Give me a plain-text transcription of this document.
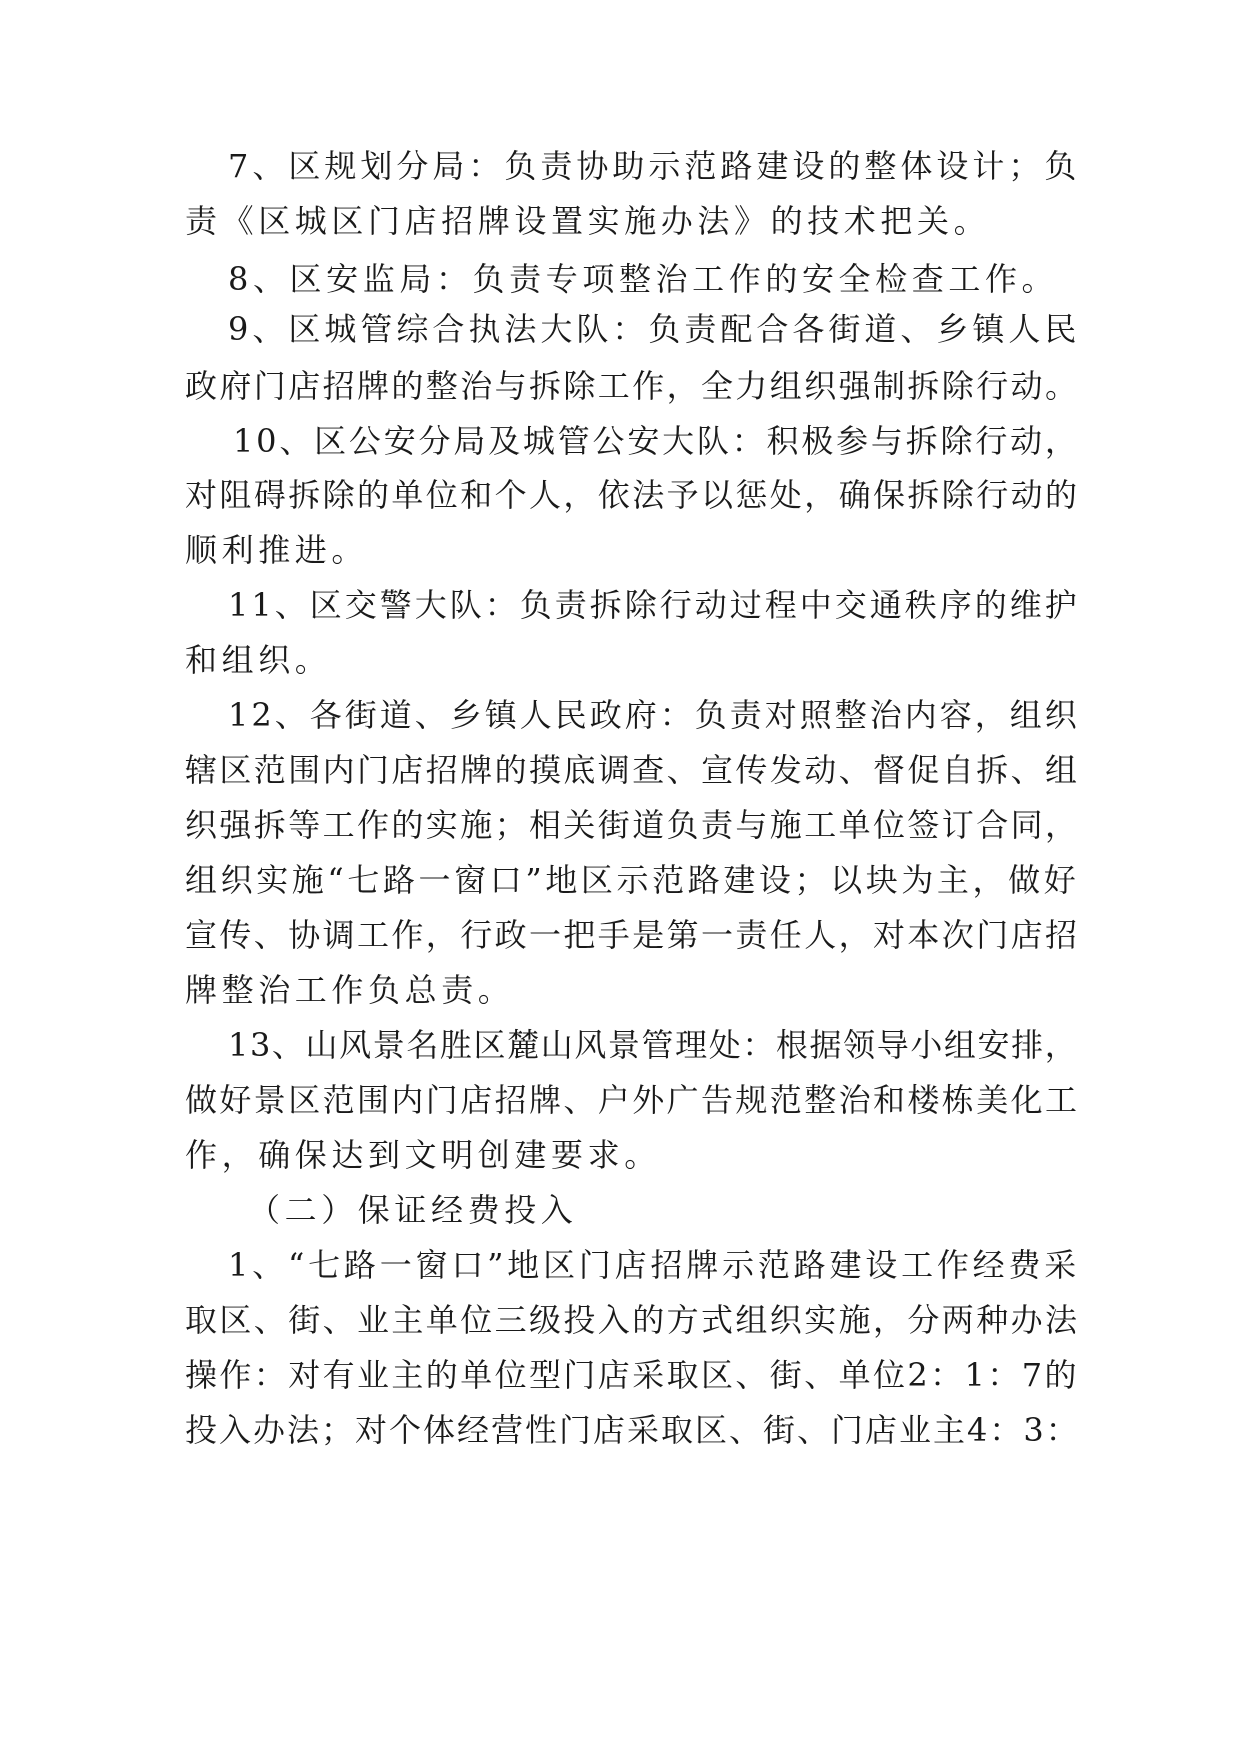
7、区规划分局：负责协助示范路建设的整体设计；负
责《区城区门店招牌设置实施办法》的技术把关。
8、区安监局：负责专项整治工作的安全检查工作。
9、区城管综合执法大队：负责配合各街道、乡镇人民
政府门店招牌的整治与拆除工作，全力组织强制拆除行动。
10、区公安分局及城管公安大队：积极参与拆除行动，
对阻碍拆除的单位和个人，依法予以惩处，确保拆除行动的
顺利推进。
11、区交警大队：负责拆除行动过程中交通秩序的维护
和组织。
12、各街道、乡镇人民政府：负责对照整治内容，组织
辖区范围内门店招牌的摸底调查、宣传发动、督促自拆、组
织强拆等工作的实施；相关街道负责与施工单位签订合同，
组织实施“七路一窗口”地区示范路建设；以块为主，做好
宣传、协调工作，行政一把手是第一责任人，对本次门店招
牌整治工作负总责。
13、山风景名胜区麓山风景管理处：根据领导小组安排，
做好景区范围内门店招牌、户外广告规范整治和楼栋美化工
作，确保达到文明创建要求。
（二）保证经费投入
1、“七路一窗口”地区门店招牌示范路建设工作经费采
取区、街、业主单位三级投入的方式组织实施，分两种办法
操作：对有业主的单位型门店采取区、街、单位2：1：7的
投入办法；对个体经营性门店采取区、街、门店业主4：3：
